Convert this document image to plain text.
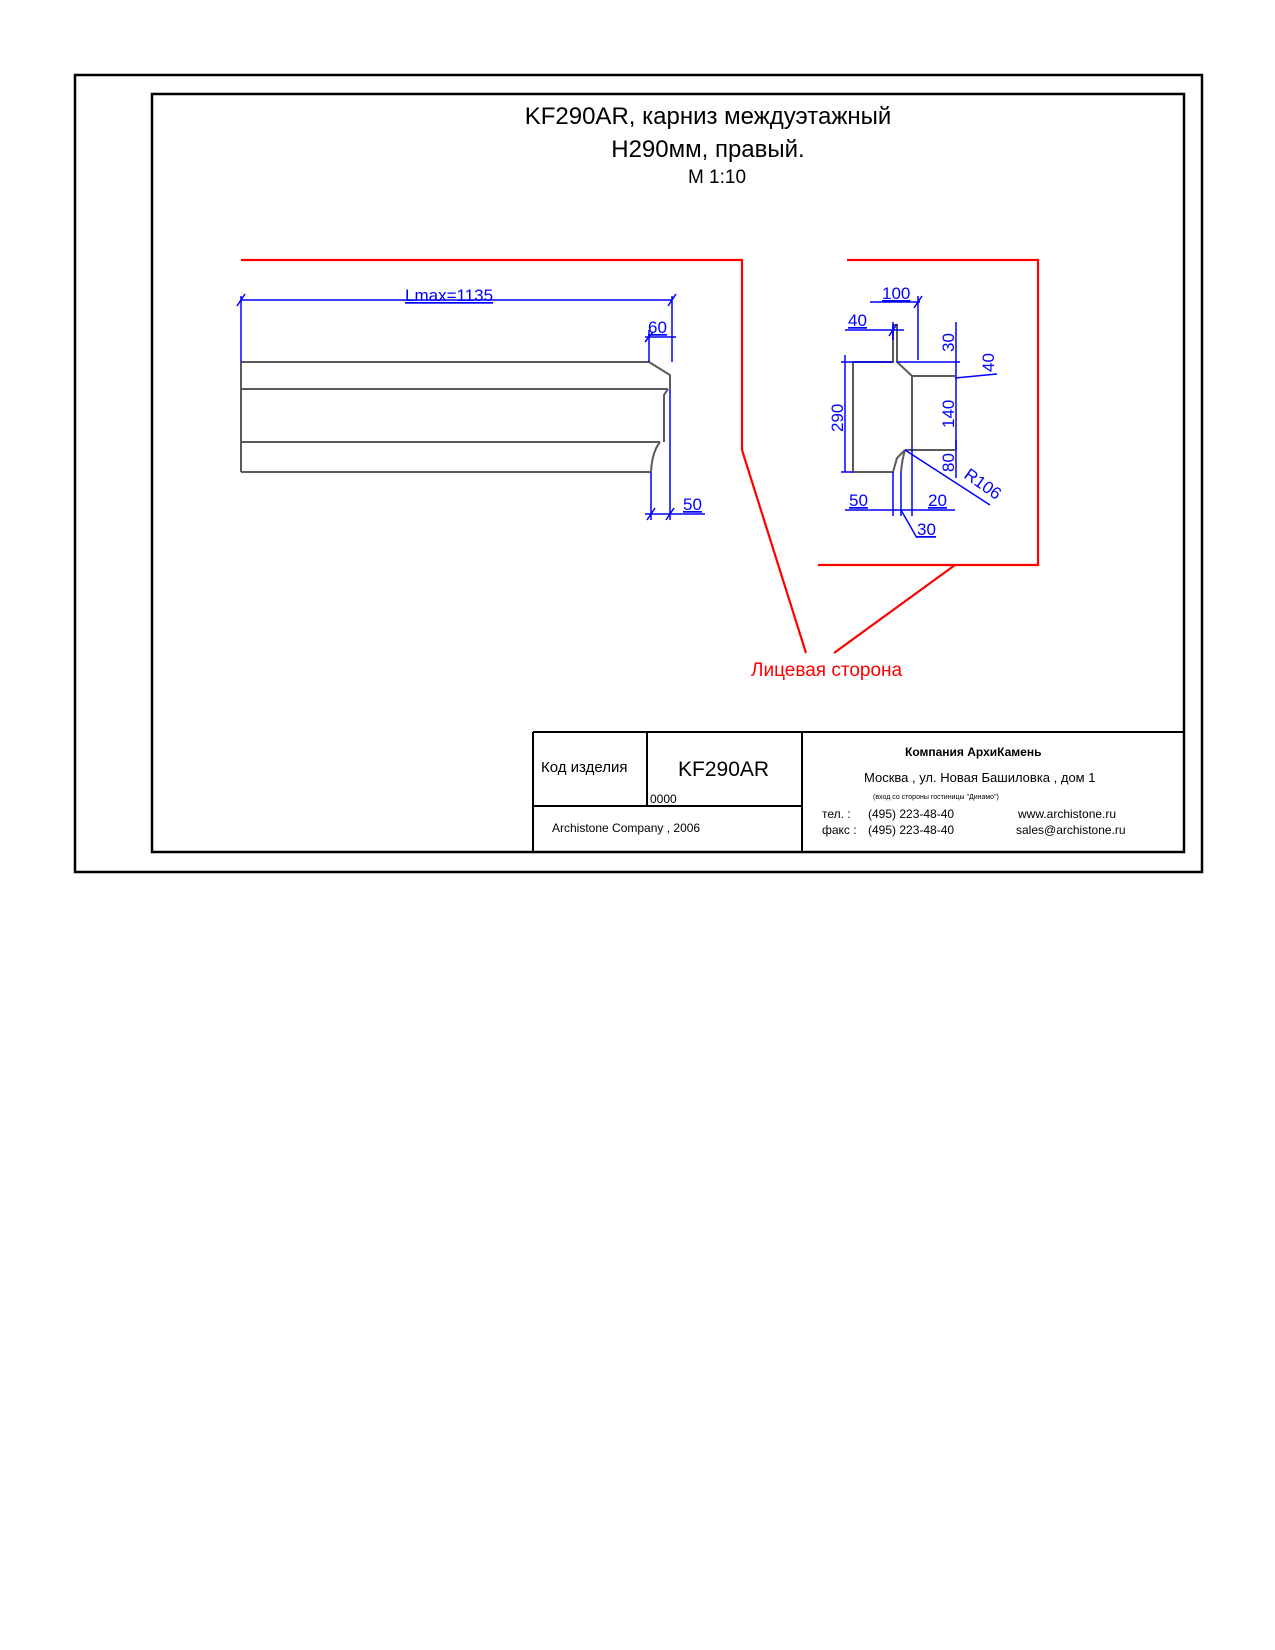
KF290AR, карниз междуэтажный
H290мм, правый.
М 1:10
Lmax=1135
60
50
100
40
30
40
290	140
80
R106
50	20
30
Лицевая сторона
Код изделия KF290AR
0000
Archistone Company , 2006
Компания АрхиКамень
Москва , ул. Новая Башиловка , дом 1
(вход со стороны гостиницы "Динамо")
тел. : (495) 223-48-40
факс : (495) 223-48-40
www.archistone.ru
sales@archistone.ru
